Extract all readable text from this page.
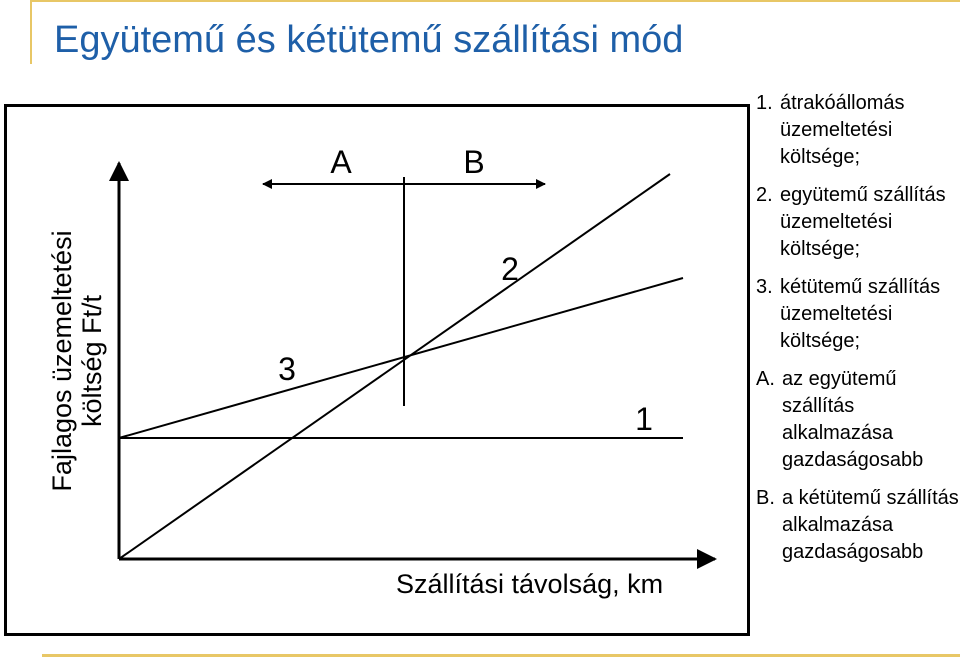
Együtemű és kétütemű szállítási mód
A	B
2
3
1
Szállítási távolság, km
Fajlagos üzemeltetési költség Ft/t
1. átrakóállomás üzemeltetési költsége;
2. együtemű szállítás üzemeltetési költsége;
3. kétütemű szállítás üzemeltetési költsége;
A. az együtemű szállítás alkalmazása gazdaságosabb
B. a kétütemű szállítás alkalmazása gazdaságosabb
